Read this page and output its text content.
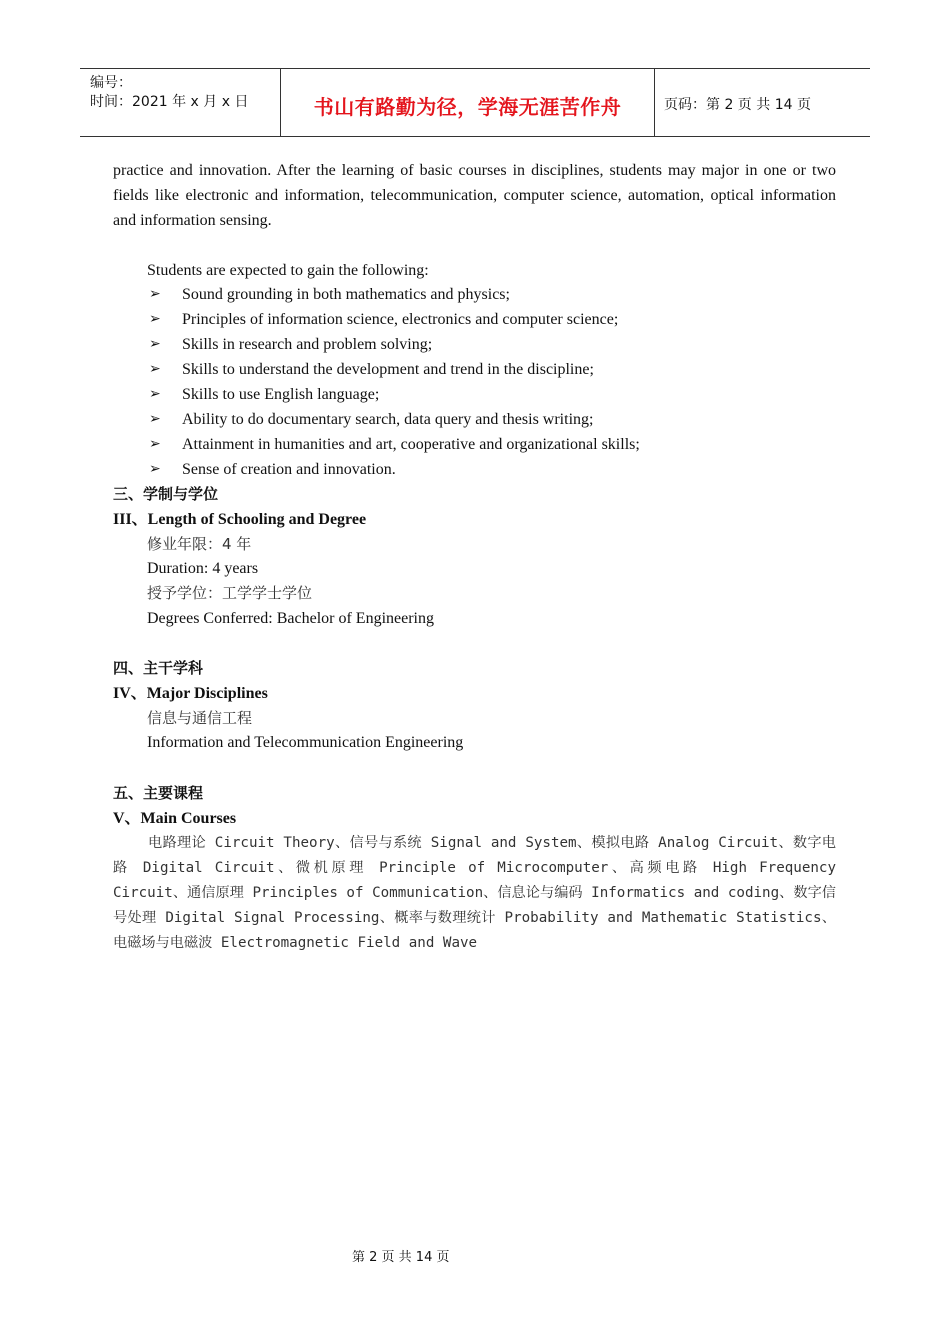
编号：
时间：2021 年 x 月 x 日	书山有路勤为径，学海无涯苦作舟	页码：第 2 页 共 14 页
practice and innovation. After the learning of basic courses in disciplines, students may major in one or two fields like electronic and information, telecommunication, computer science, automation, optical information and information sensing.
Students are expected to gain the following:
➢ Sound grounding in both mathematics and physics;
➢ Principles of information science, electronics and computer science;
➢ Skills in research and problem solving;
➢ Skills to understand the development and trend in the discipline;
➢ Skills to use English language;
➢ Ability to do documentary search, data query and thesis writing;
➢ Attainment in humanities and art, cooperative and organizational skills;
➢ Sense of creation and innovation.
三、学制与学位
III、Length of Schooling and Degree
修业年限：4 年
Duration: 4 years
授予学位：工学学士学位
Degrees Conferred: Bachelor of Engineering
四、主干学科
IV、Major Disciplines
信息与通信工程
Information and Telecommunication Engineering
五、主要课程
V、Main Courses
电路理论 Circuit Theory、信号与系统 Signal and System、模拟电路 Analog Circuit、数字电路 Digital Circuit、微机原理 Principle of Microcomputer、高频电路 High Frequency Circuit、通信原理 Principles of Communication、信息论与编码 Informatics and coding、数字信号处理 Digital Signal Processing、概率与数理统计 Probability and Mathematic Statistics、电磁场与电磁波 Electromagnetic Field and Wave
第 2 页 共 14 页
